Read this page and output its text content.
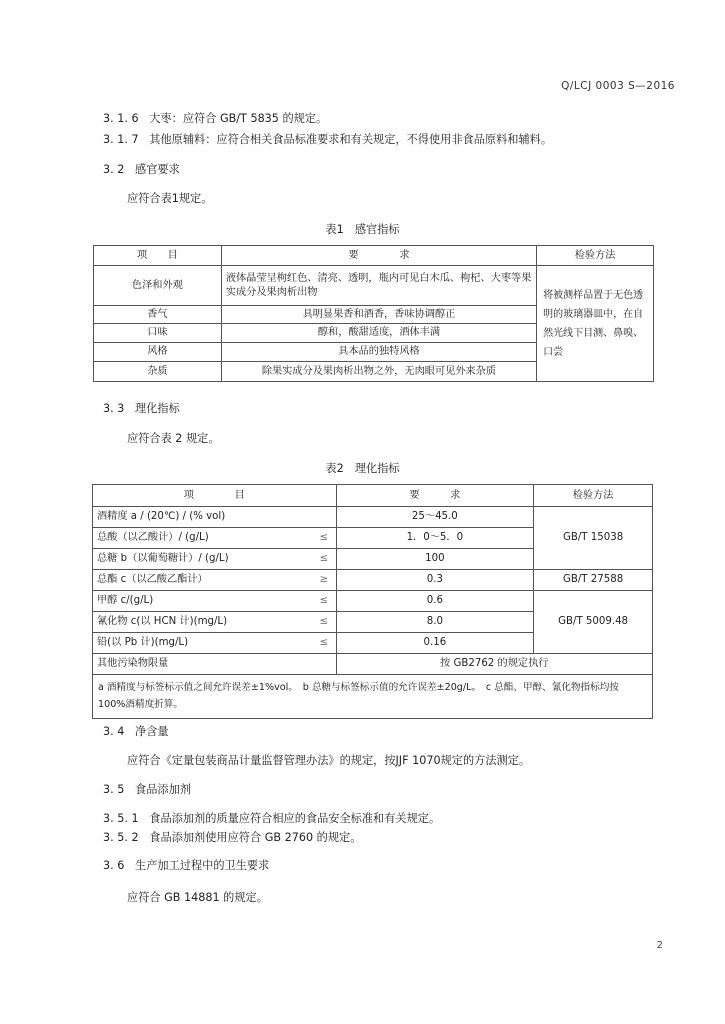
Q/LCJ 0003 S—2016
3. 1. 6 大枣：应符合 GB/T 5835 的规定。
3. 1. 7 其他原辅料：应符合相关食品标准要求和有关规定，不得使用非食品原料和辅料。
3. 2 感官要求
应符合表1规定。
表1　感官指标
项　　目	要　　　　求	检验方法
色泽和外观	液体晶莹呈枸红色、清亮、透明，瓶内可见白木瓜、枸杞、大枣等果实成分及果肉析出物	将被测样品置于无色透明的玻璃器皿中，在自然光线下目测、鼻嗅、口尝
香气	具明显果香和酒香，香味协调醇正	
口味	醇和，酸甜适度，酒体丰满	
风格	具本品的独特风格	
杂质	除果实成分及果肉析出物之外，无肉眼可见外来杂质	
3. 3 理化指标
应符合表 2 规定。
表2　理化指标
项　　　　目		要　　　求	检验方法
酒精度 a / (20℃) / (% vol)		25～45.0	GB/T 15038
总酸（以乙酸计）/ (g/L)	≤	1．0～5．0	
总糖 b（以葡萄糖计）/ (g/L)	≤	100	
总酯 c（以乙酸乙酯计）	≥	0.3	GB/T 27588
甲醇 c/(g/L)	≤	0.6	GB/T 5009.48
氰化物 c(以 HCN 计)(mg/L)	≤	8.0	
铅(以 Pb 计)(mg/L)	≤	0.16	
其他污染物限量		按 GB2762 的规定执行	
a 酒精度与标签标示值之间允许误差±1%vol。　b 总糖与标签标示值的允许误差±20g/L。　c 总酯、甲醇、氰化物指标均按 100%酒精度折算。			
3. 4 净含量
应符合《定量包装商品计量监督管理办法》的规定，按JJF 1070规定的方法测定。
3. 5 食品添加剂
3. 5. 1 食品添加剂的质量应符合相应的食品安全标准和有关规定。
3. 5. 2 食品添加剂使用应符合 GB 2760 的规定。
3. 6 生产加工过程中的卫生要求
应符合 GB 14881 的规定。
2
